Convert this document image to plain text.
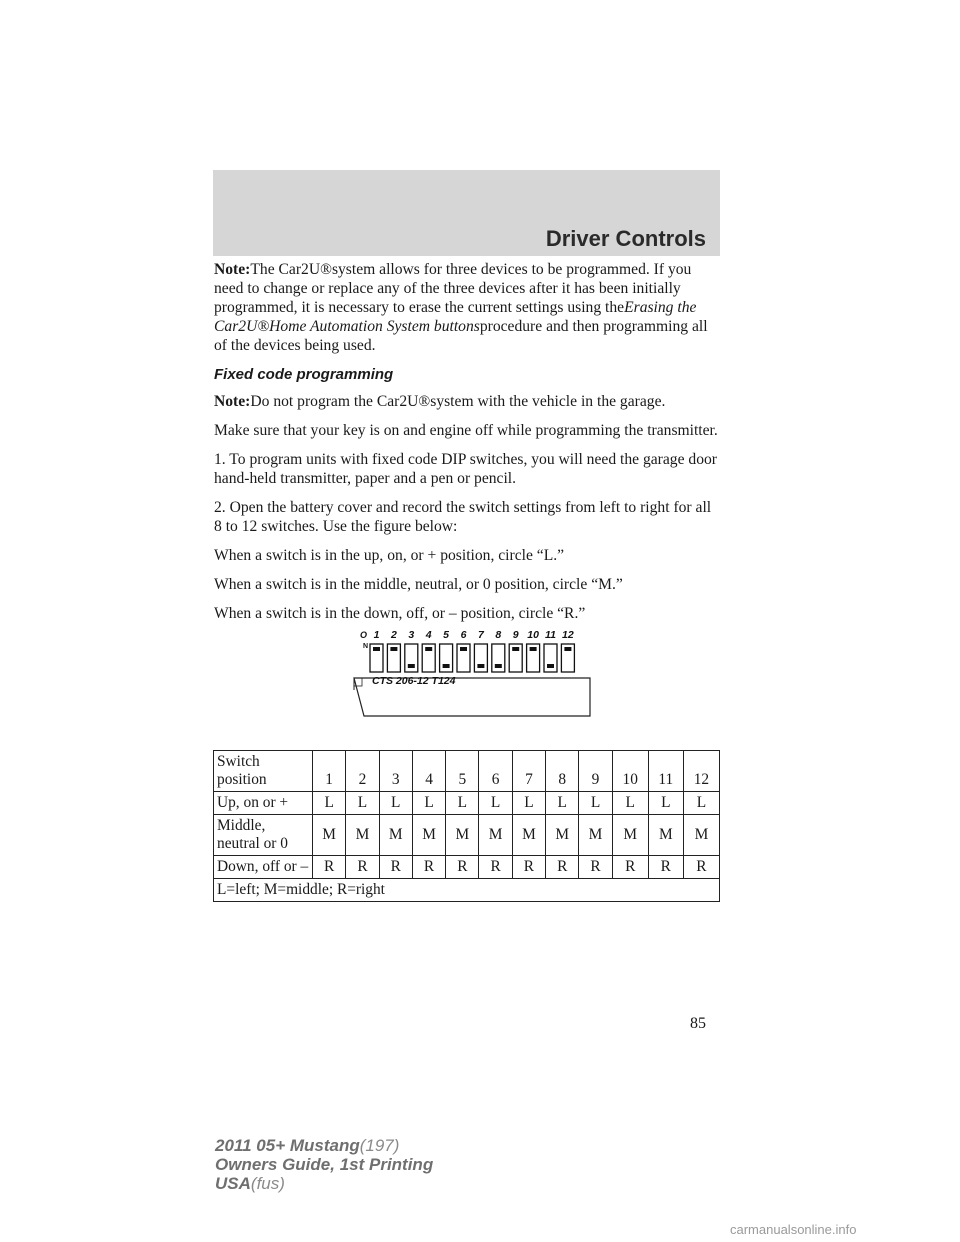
Driver Controls

Note:The Car2U®system allows for three devices to be programmed. If you need to change or replace any of the three devices after it has been initially programmed, it is necessary to erase the current settings using theErasing the Car2U®Home Automation System buttonsprocedure and then programming all of the devices being used.

Fixed code programming

Note:Do not program the Car2U®system with the vehicle in the garage.

Make sure that your key is on and engine off while programming the transmitter.

1. To program units with fixed code DIP switches, you will need the garage door hand-held transmitter, paper and a pen or pencil.

2. Open the battery cover and record the switch settings from left to right for all 8 to 12 switches. Use the figure below:

When a switch is in the up, on, or + position, circle “L.”

When a switch is in the middle, neutral, or 0 position, circle “M.”

When a switch is in the down, off, or – position, circle “R.”

O
N
1 2 3 4 5 6 7 8 9 10 11 12
CTS 206-12 T124
Switch position	1	2	3	4	5	6	7	8	9	10	11	12
Up, on or +	L	L	L	L	L	L	L	L	L	L	L	L
Middle, neutral or 0	M	M	M	M	M	M	M	M	M	M	M	M
Down, off or –	R	R	R	R	R	R	R	R	R	R	R	R
L=left; M=middle; R=right												
85
2011 05+ Mustang(197)
Owners Guide, 1st Printing
USA(fus)
carmanualsonline.info
